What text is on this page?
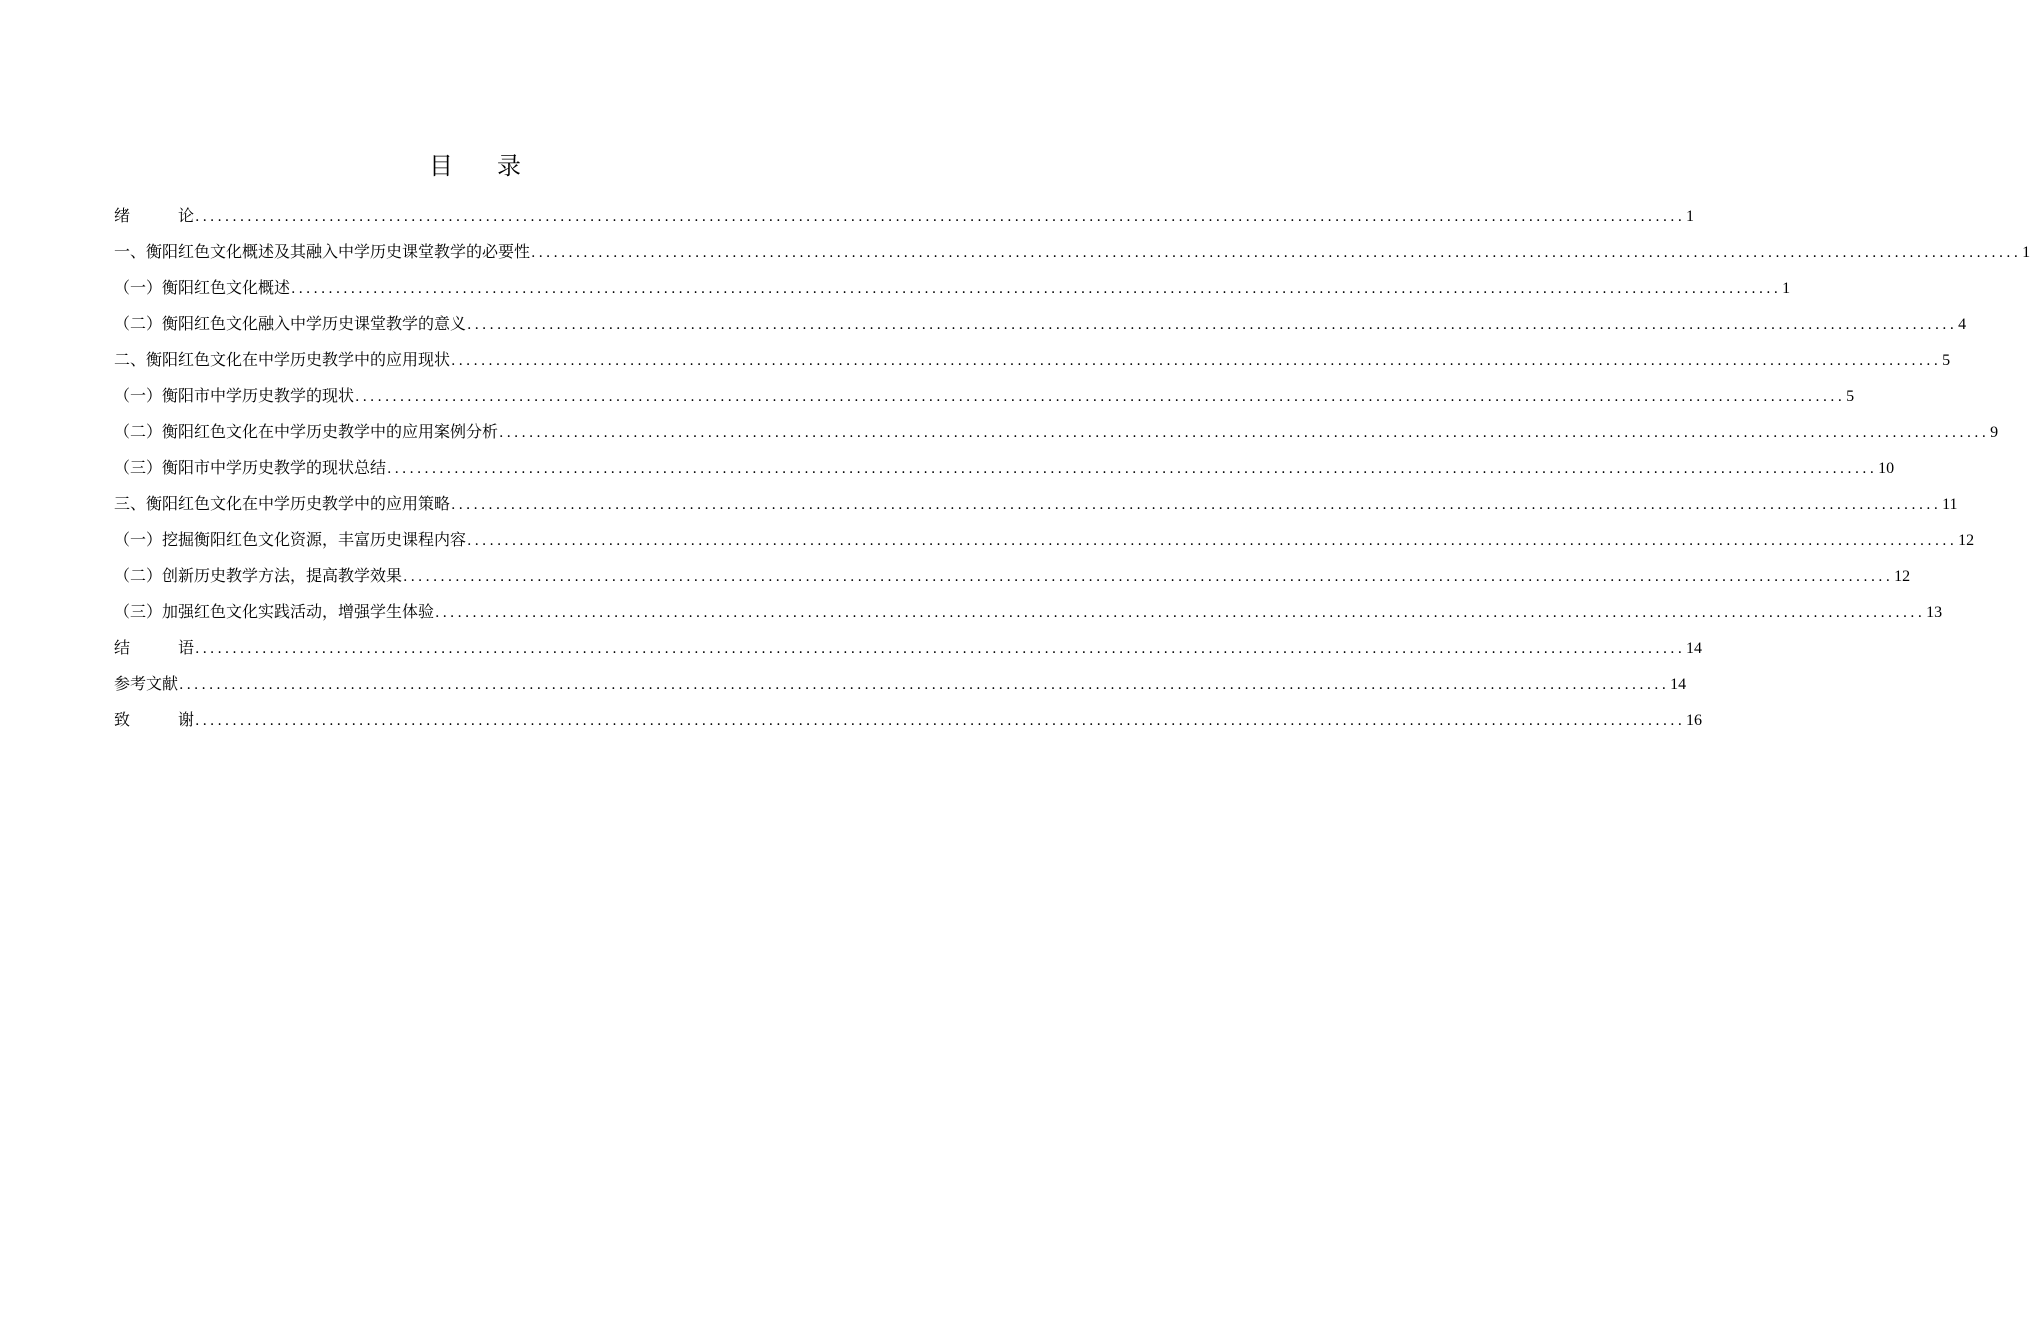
目 录
绪	论 ........................................................................................................................................................................................................ 1
一、衡阳红色文化概述及其融入中学历史课堂教学的必要性 ........................................................................................................................................................................................................ 1
（一）衡阳红色文化概述 ........................................................................................................................................................................................................ 1
（二）衡阳红色文化融入中学历史课堂教学的意义 ........................................................................................................................................................................................................ 4
二、衡阳红色文化在中学历史教学中的应用现状 ........................................................................................................................................................................................................ 5
（一）衡阳市中学历史教学的现状 ........................................................................................................................................................................................................ 5
（二）衡阳红色文化在中学历史教学中的应用案例分析 ........................................................................................................................................................................................................ 9
（三）衡阳市中学历史教学的现状总结 ........................................................................................................................................................................................................ 10
三、衡阳红色文化在中学历史教学中的应用策略 ........................................................................................................................................................................................................ 11
（一）挖掘衡阳红色文化资源，丰富历史课程内容 ........................................................................................................................................................................................................ 12
（二）创新历史教学方法，提高教学效果 ........................................................................................................................................................................................................ 12
（三）加强红色文化实践活动，增强学生体验 ........................................................................................................................................................................................................ 13
结	语 ........................................................................................................................................................................................................ 14
参考文献 ........................................................................................................................................................................................................ 14
致	谢 ........................................................................................................................................................................................................ 16
